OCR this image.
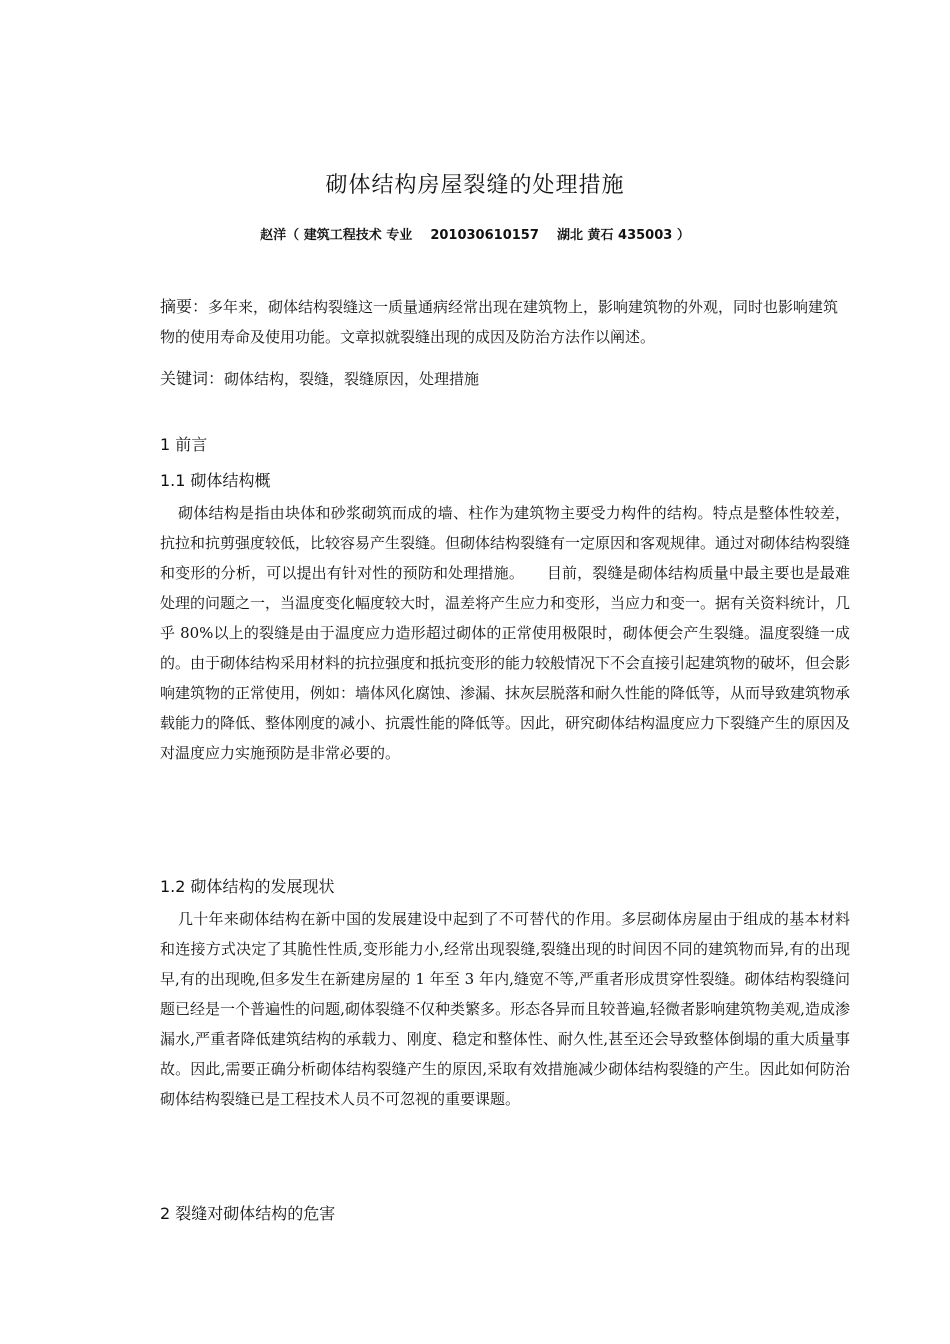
砌体结构房屋裂缝的处理措施
赵洋（ 建筑工程技术 专业    201030610157    湖北 黄石 435003 ）
摘要：多年来，砌体结构裂缝这一质量通病经常出现在建筑物上，影响建筑物的外观，同时也影响建筑物的使用寿命及使用功能。文章拟就裂缝出现的成因及防治方法作以阐述。
关键词：砌体结构，裂缝，裂缝原因，处理措施
1 前言
1.1 砌体结构概
砌体结构是指由块体和砂浆砌筑而成的墙、柱作为建筑物主要受力构件的结构。特点是整体性较差，抗拉和抗剪强度较低，比较容易产生裂缝。但砌体结构裂缝有一定原因和客观规律。通过对砌体结构裂缝和变形的分析，可以提出有针对性的预防和处理措施。　　目前，裂缝是砌体结构质量中最主要也是最难处理的问题之一，当温度变化幅度较大时，温差将产生应力和变形，当应力和变一。据有关资料统计，几乎 80%以上的裂缝是由于温度应力造形超过砌体的正常使用极限时，砌体便会产生裂缝。温度裂缝一成的。由于砌体结构采用材料的抗拉强度和抵抗变形的能力较般情况下不会直接引起建筑物的破坏，但会影响建筑物的正常使用，例如：墙体风化腐蚀、渗漏、抹灰层脱落和耐久性能的降低等，从而导致建筑物承载能力的降低、整体刚度的减小、抗震性能的降低等。因此，研究砌体结构温度应力下裂缝产生的原因及对温度应力实施预防是非常必要的。
1.2 砌体结构的发展现状
几十年来砌体结构在新中国的发展建设中起到了不可替代的作用。多层砌体房屋由于组成的基本材料和连接方式决定了其脆性性质,变形能力小,经常出现裂缝,裂缝出现的时间因不同的建筑物而异,有的出现早,有的出现晚,但多发生在新建房屋的 1 年至 3 年内,缝宽不等,严重者形成贯穿性裂缝。砌体结构裂缝问题已经是一个普遍性的问题,砌体裂缝不仅种类繁多。形态各异而且较普遍,轻微者影响建筑物美观,造成渗漏水,严重者降低建筑结构的承载力、刚度、稳定和整体性、耐久性,甚至还会导致整体倒塌的重大质量事故。因此,需要正确分析砌体结构裂缝产生的原因,采取有效措施减少砌体结构裂缝的产生。因此如何防治砌体结构裂缝已是工程技术人员不可忽视的重要课题。
2 裂缝对砌体结构的危害
